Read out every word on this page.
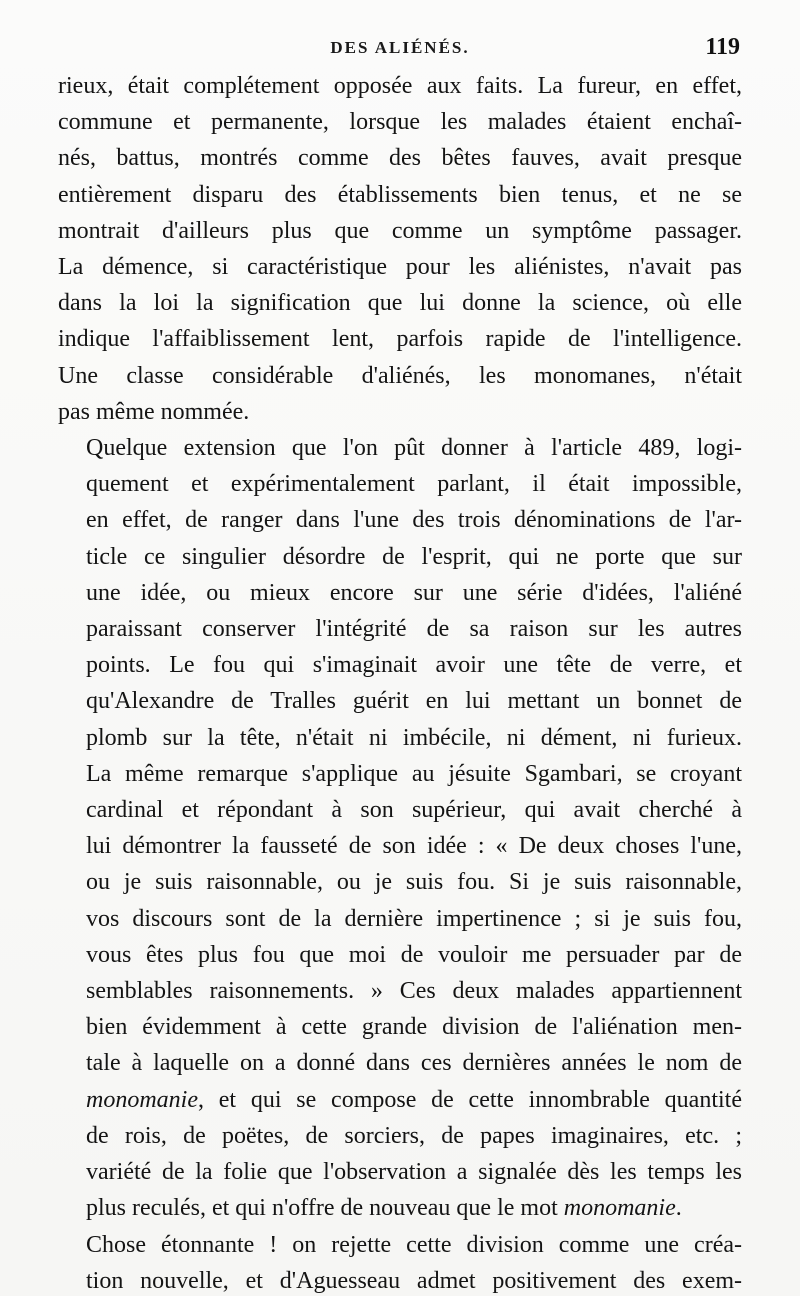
DES ALIÉNÉS.	119

rieux, était complétement opposée aux faits. La fureur, en effet,
commune et permanente, lorsque les malades étaient enchaî-
nés, battus, montrés comme des bêtes fauves, avait presque
entièrement disparu des établissements bien tenus, et ne se
montrait d'ailleurs plus que comme un symptôme passager.
La démence, si caractéristique pour les aliénistes, n'avait pas
dans la loi la signification que lui donne la science, où elle
indique l'affaiblissement lent, parfois rapide de l'intelligence.
Une classe considérable d'aliénés, les monomanes, n'était
pas même nommée.

Quelque extension que l'on pût donner à l'article 489, logi-
quement et expérimentalement parlant, il était impossible,
en effet, de ranger dans l'une des trois dénominations de l'ar-
ticle ce singulier désordre de l'esprit, qui ne porte que sur
une idée, ou mieux encore sur une série d'idées, l'aliéné
paraissant conserver l'intégrité de sa raison sur les autres
points. Le fou qui s'imaginait avoir une tête de verre, et
qu'Alexandre de Tralles guérit en lui mettant un bonnet de
plomb sur la tête, n'était ni imbécile, ni dément, ni furieux.
La même remarque s'applique au jésuite Sgambari, se croyant
cardinal et répondant à son supérieur, qui avait cherché à
lui démontrer la fausseté de son idée : « De deux choses l'une,
ou je suis raisonnable, ou je suis fou. Si je suis raisonnable,
vos discours sont de la dernière impertinence ; si je suis fou,
vous êtes plus fou que moi de vouloir me persuader par de
semblables raisonnements. » Ces deux malades appartiennent
bien évidemment à cette grande division de l'aliénation men-
tale à laquelle on a donné dans ces dernières années le nom de
monomanie, et qui se compose de cette innombrable quantité
de rois, de poëtes, de sorciers, de papes imaginaires, etc. ;
variété de la folie que l'observation a signalée dès les temps les
plus reculés, et qui n'offre de nouveau que le mot monomanie.

Chose étonnante ! on rejette cette division comme une créa-
tion nouvelle, et d'Aguesseau admet positivement des exem-
